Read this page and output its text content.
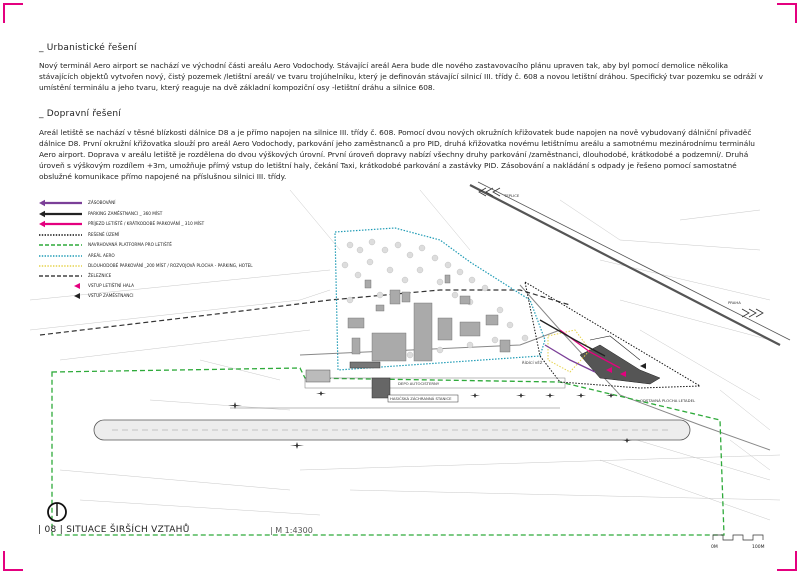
_ Urbanistické řešení
Nový terminál Aero airport se nachází ve východní části areálu Aero Vodochody. Stávající areál Aera bude dle nového zastavovacího plánu upraven tak, aby byl pomocí demolice několika stávajících objektů vytvořen nový, čistý pozemek /letištní areál/ ve tvaru trojúhelníku, který je definován stávající silnicí III. třídy č. 608 a novou letištní dráhou. Specifický tvar pozemku se odráží v umístění terminálu a jeho tvaru, který reaguje na dvě základní kompoziční osy -letištní dráhu a silnice 608.
_ Dopravní řešení
Areál letiště se nachází v těsné blízkosti dálnice D8 a je přímo napojen na silnice III. třídy č. 608. Pomocí dvou nových okružních křižovatek bude napojen na nově vybudovaný dálniční přivaděč dálnice D8. První okružní křižovatka slouží pro areál Aero Vodochody, parkování jeho zaměstnanců a pro PID, druhá křižovatka novému letištnímu areálu a samotnému mezinárodnímu terminálu Aero airport. Doprava v areálu letiště je rozdělena do dvou výškových úrovní. První úroveň dopravy nabízí všechny druhy parkování /zaměstnanci, dlouhodobé, krátkodobé a podzemní/. Druhá úroveň s výškovým rozdílem +3m, umožňuje přímý vstup do letištní haly, čekání Taxi, krátkodobé parkování a zastávky PID. Zásobování a nakládání s odpady je řešeno pomocí samostatné obslužné komunikace přímo napojené na příslušnou silnici III. třídy.
TEPLICE
PRAHA
HASIČSKÁ ZÁCHRANNÁ STANICE
DEPO AUTOCISTERNY
ODSTAVNÁ PLOCHA LETADEL
ŘÍDÍCÍ VĚŽ
ZÁSOBOVÁNÍ
PARKING ZAMĚSTNANCI _ 360 MÍST
PŘÍJEZD LETIŠTĚ / KRÁTKODOBÉ PARKOVÁNÍ _ 310 MÍST
ŘEŠENÉ ÚZEMÍ
NAVRHOVANÁ PLATFORMA PRO LETIŠTĚ
AREÁL AERO
DLOUHODOBÉ PARKOVÁNÍ _200 MÍST / ROZVOJOVÁ PLOCHA - PARKING, HOTEL
ŽELEZNICE
VSTUP LETIŠTNÍ HALA
VSTUP ZAMĚSTNANCI
| 08 | SITUACE ŠIRŠÍCH VZTAHŮ	| M 1:4300
0M	100M
